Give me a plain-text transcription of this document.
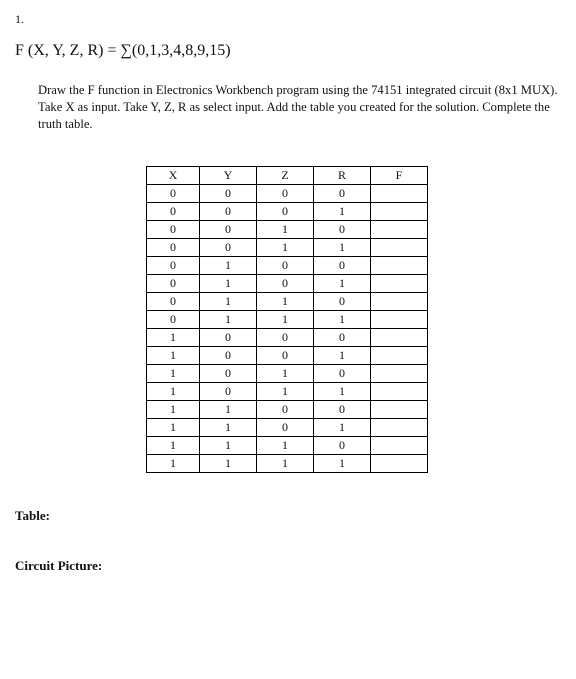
1.
F (X, Y, Z, R) = ∑(0,1,3,4,8,9,15)
Draw the F function in Electronics Workbench program using the 74151 integrated circuit (8x1 MUX). Take X as input. Take Y, Z, R as select input. Add the table you created for the solution. Complete the truth table.
X	Y	Z	R	F
0	0	0	0	
0	0	0	1	
0	0	1	0	
0	0	1	1	
0	1	0	0	
0	1	0	1	
0	1	1	0	
0	1	1	1	
1	0	0	0	
1	0	0	1	
1	0	1	0	
1	0	1	1	
1	1	0	0	
1	1	0	1	
1	1	1	0	
1	1	1	1	
Table:
Circuit Picture:
